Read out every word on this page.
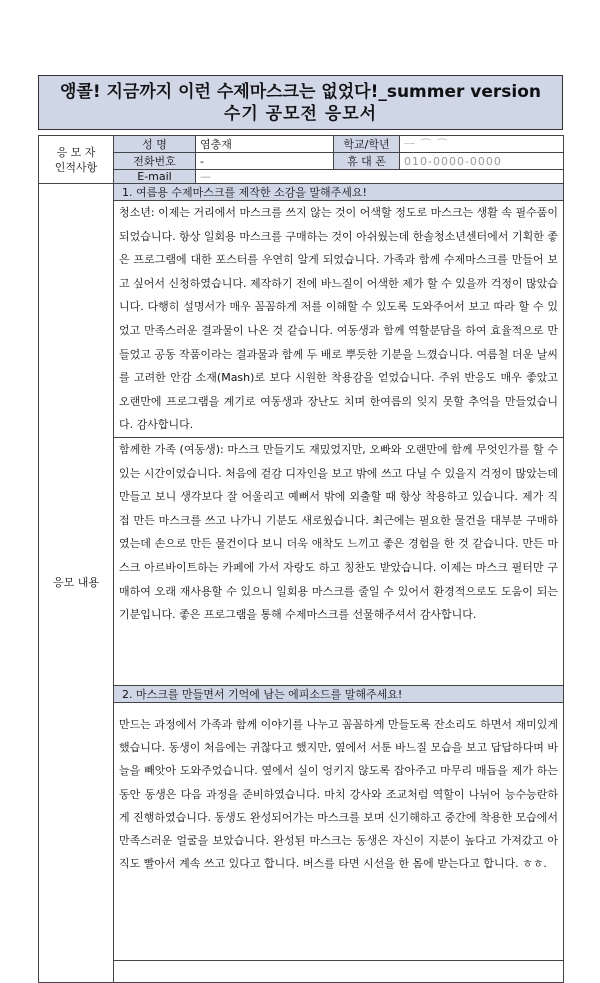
앵콜! 지금까지 이런 수제마스크는 없었다!_summer version
수기 공모전 응모서
응 모 자
인적사항	성 명	염충재	학교/학년	ㅡ ⌒ ⌒
	전화번호	-	휴 대 폰	010-0000-0000
	E-mail	—		
응모 내용	1. 여름용 수제마스크를 제작한 소감을 말해주세요!			
	청소년: 이제는 거리에서 마스크를 쓰지 않는 것이 어색할 정도로 마스크는 생활 속 필수품이 되었습니다. 항상 일회용 마스크를 구매하는 것이 아쉬웠는데 한솔청소년센터에서 기획한 좋은 프로그램에 대한 포스터를 우연히 알게 되었습니다. 가족과 함께 수제마스크를 만들어 보고 싶어서 신청하였습니다. 제작하기 전에 바느질이 어색한 제가 할 수 있을까 걱정이 많았습니다. 다행히 설명서가 매우 꼼꼼하게 저를 이해할 수 있도록 도와주어서 보고 따라 할 수 있었고 만족스러운 결과물이 나온 것 같습니다. 여동생과 함께 역할분담을 하여 효율적으로 만들었고 공동 작품이라는 결과물과 함께 두 배로 뿌듯한 기분을 느꼈습니다. 여름철 더운 날씨를 고려한 안감 소재(Mash)로 보다 시원한 착용감을 얻었습니다. 주위 반응도 매우 좋았고 오랜만에 프로그램을 계기로 여동생과 장난도 치며 한여름의 잊지 못할 추억을 만들었습니다. 감사합니다.			
	함께한 가족 (여동생): 마스크 만들기도 재밌었지만, 오빠와 오랜만에 함께 무엇인가를 할 수 있는 시간이었습니다. 처음에 겉감 디자인을 보고 밖에 쓰고 다닐 수 있을지 걱정이 많았는데 만들고 보니 생각보다 잘 어울리고 예뻐서 밖에 외출할 때 항상 착용하고 있습니다. 제가 직접 만든 마스크를 쓰고 나가니 기분도 새로웠습니다. 최근에는 필요한 물건을 대부분 구매하였는데 손으로 만든 물건이다 보니 더욱 애착도 느끼고 좋은 경험을 한 것 같습니다. 만든 마스크 아르바이트하는 카페에 가서 자랑도 하고 칭찬도 받았습니다. 이제는 마스크 필터만 구매하여 오래 재사용할 수 있으니 일회용 마스크를 줄일 수 있어서 환경적으로도 도움이 되는 기분입니다. 좋은 프로그램을 통해 수제마스크를 선물해주셔서 감사합니다.			
	2. 마스크를 만들면서 기억에 남는 에피소드를 말해주세요!			
	만드는 과정에서 가족과 함께 이야기를 나누고 꼼꼼하게 만들도록 잔소리도 하면서 재미있게 했습니다. 동생이 처음에는 귀찮다고 했지만, 옆에서 서툰 바느질 모습을 보고 답답하다며 바늘을 빼앗아 도와주었습니다. 옆에서 실이 엉키지 않도록 잡아주고 마무리 매듭을 제가 하는 동안 동생은 다음 과정을 준비하였습니다. 마치 강사와 조교처럼 역할이 나뉘어 능수능란하게 진행하였습니다. 동생도 완성되어가는 마스크를 보며 신기해하고 중간에 착용한 모습에서 만족스러운 얼굴을 보았습니다. 완성된 마스크는 동생은 자신이 지분이 높다고 가져갔고 아직도 빨아서 계속 쓰고 있다고 합니다. 버스를 타면 시선을 한 몸에 받는다고 합니다. ㅎㅎ.			
